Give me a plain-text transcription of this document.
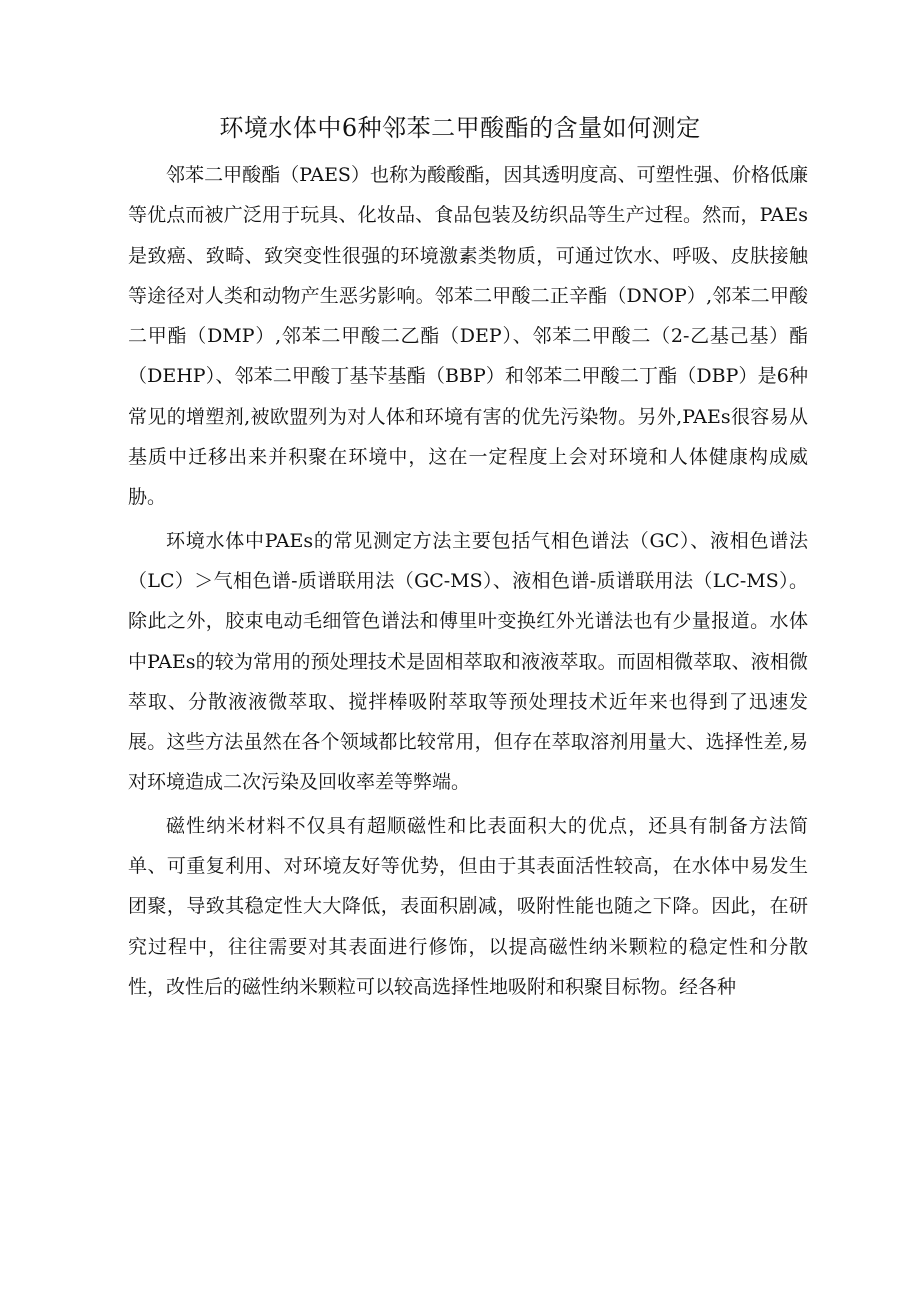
环境水体中6种邻苯二甲酸酯的含量如何测定

邻苯二甲酸酯（PAES）也称为酸酸酯，因其透明度高、可塑性强、价格低廉等优点而被广泛用于玩具、化妆品、食品包装及纺织品等生产过程。然而，PAEs是致癌、致畸、致突变性很强的环境激素类物质，可通过饮水、呼吸、皮肤接触等途径对人类和动物产生恶劣影响。邻苯二甲酸二正辛酯（DNOP）,邻苯二甲酸二甲酯（DMP）,邻苯二甲酸二乙酯（DEP）、邻苯二甲酸二（2-乙基己基）酯（DEHP）、邻苯二甲酸丁基苄基酯（BBP）和邻苯二甲酸二丁酯（DBP）是6种常见的增塑剂,被欧盟列为对人体和环境有害的优先污染物。另外,PAEs很容易从基质中迁移出来并积聚在环境中，这在一定程度上会对环境和人体健康构成威胁。

环境水体中PAEs的常见测定方法主要包括气相色谱法（GC）、液相色谱法（LC）＞气相色谱-质谱联用法（GC-MS）、液相色谱-质谱联用法（LC-MS）。除此之外，胶束电动毛细管色谱法和傅里叶变换红外光谱法也有少量报道。水体中PAEs的较为常用的预处理技术是固相萃取和液液萃取。而固相微萃取、液相微萃取、分散液液微萃取、搅拌棒吸附萃取等预处理技术近年来也得到了迅速发展。这些方法虽然在各个领域都比较常用，但存在萃取溶剂用量大、选择性差,易对环境造成二次污染及回收率差等弊端。

磁性纳米材料不仅具有超顺磁性和比表面积大的优点，还具有制备方法简单、可重复利用、对环境友好等优势，但由于其表面活性较高，在水体中易发生团聚，导致其稳定性大大降低，表面积剧减，吸附性能也随之下降。因此，在研究过程中，往往需要对其表面进行修饰，以提高磁性纳米颗粒的稳定性和分散性，改性后的磁性纳米颗粒可以较高选择性地吸附和积聚目标物。经各种
